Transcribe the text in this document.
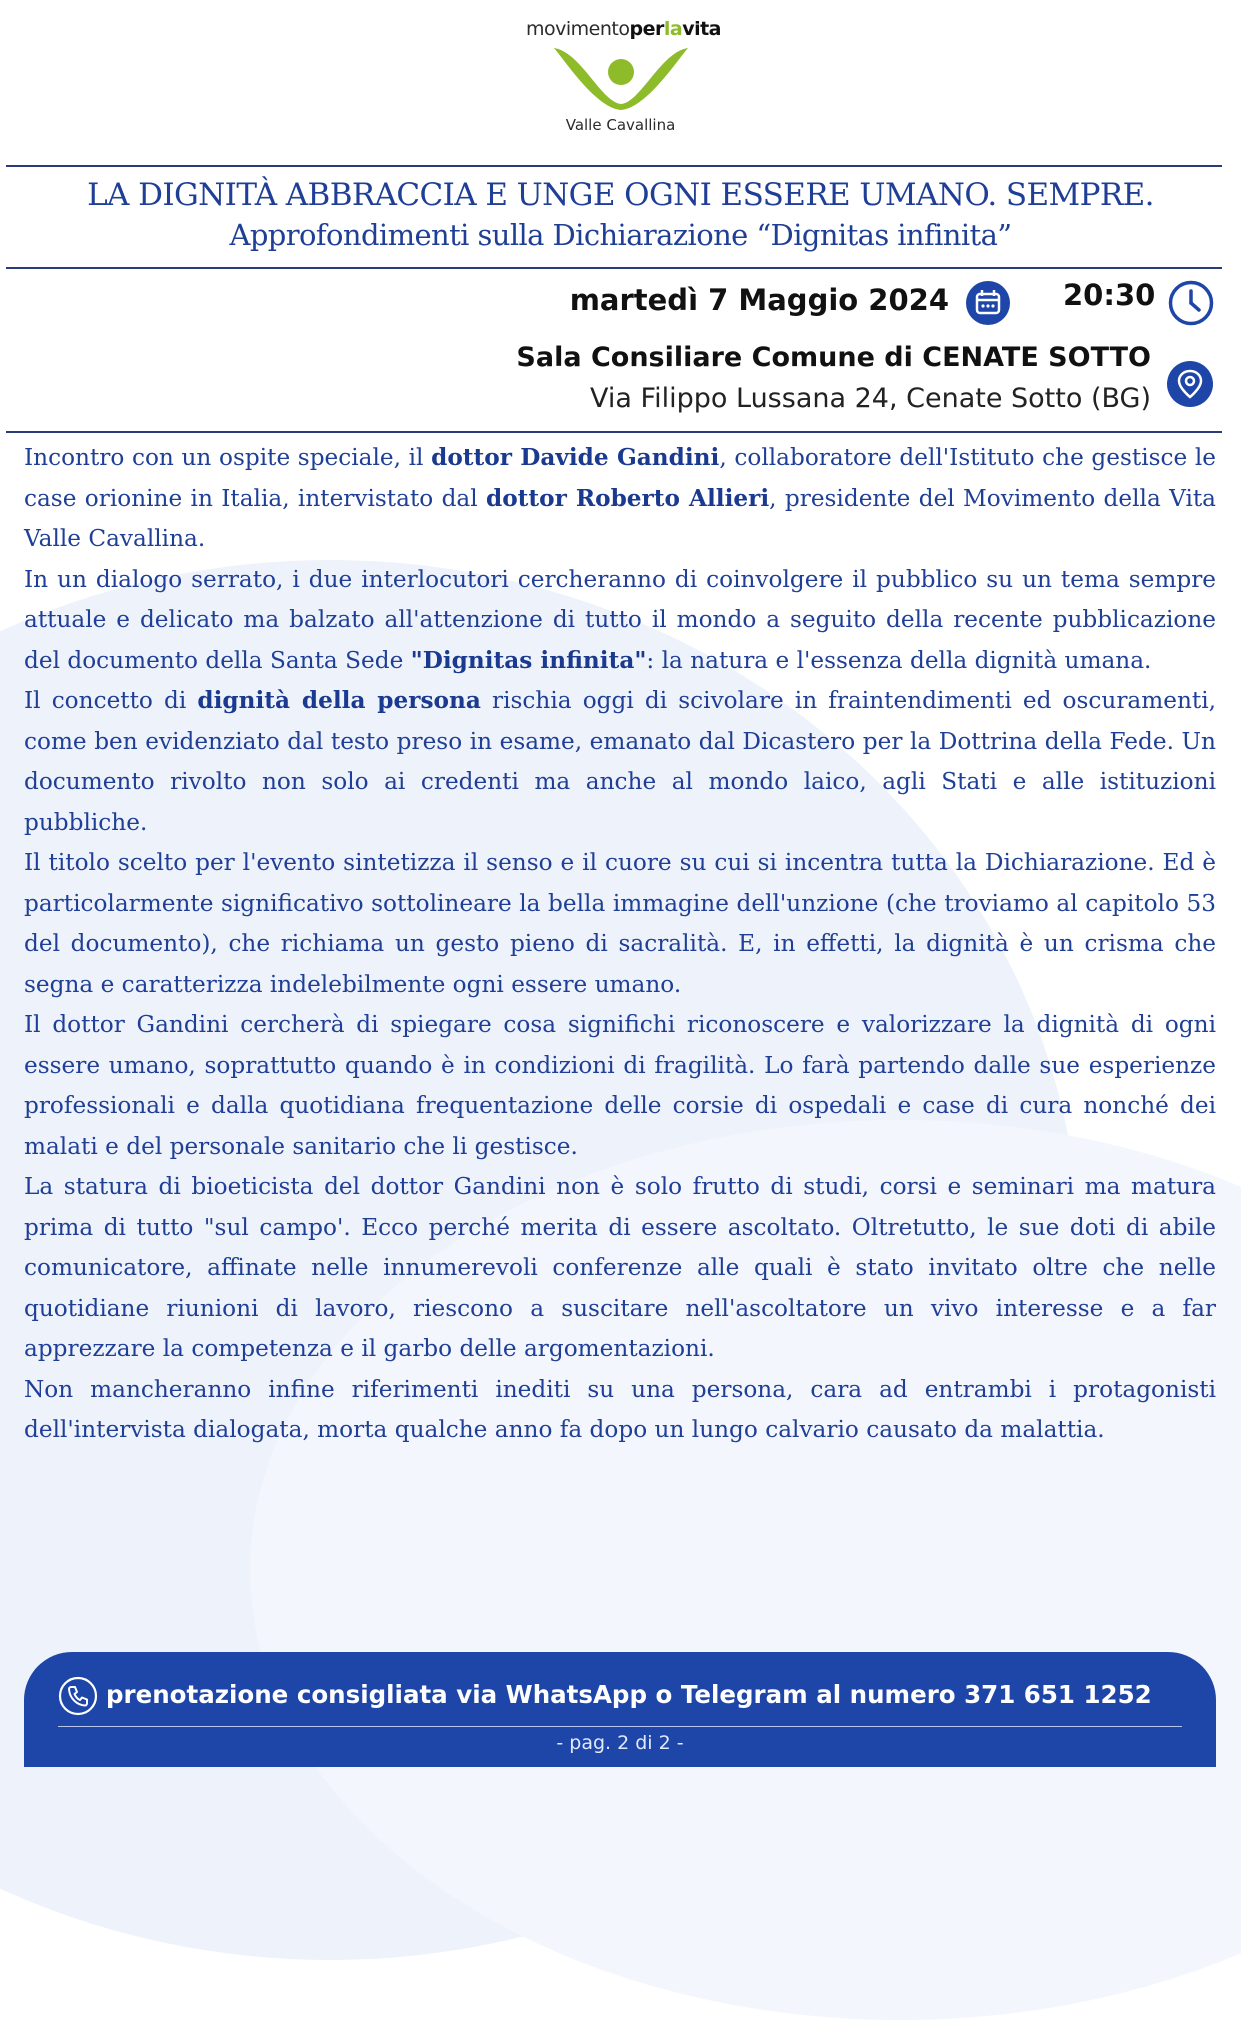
movimentoperlavita
Valle Cavallina
LA DIGNITÀ ABBRACCIA E UNGE OGNI ESSERE UMANO. SEMPRE.
Approfondimenti sulla Dichiarazione “Dignitas infinita”
martedì 7 Maggio 2024	20:30
Sala Consiliare Comune di CENATE SOTTO
Via Filippo Lussana 24, Cenate Sotto (BG)

Incontro con un ospite speciale, il dottor Davide Gandini, collaboratore dell'Istituto che gestisce le case orionine in Italia, intervistato dal dottor Roberto Allieri, presidente del Movimento della Vita Valle Cavallina.

In un dialogo serrato, i due interlocutori cercheranno di coinvolgere il pubblico su un tema sempre attuale e delicato ma balzato all'attenzione di tutto il mondo a seguito della recente pubblicazione del documento della Santa Sede "Dignitas infinita": la natura e l'essenza della dignità umana.

Il concetto di dignità della persona rischia oggi di scivolare in fraintendimenti ed oscuramenti, come ben evidenziato dal testo preso in esame, emanato dal Dicastero per la Dottrina della Fede. Un documento rivolto non solo ai credenti ma anche al mondo laico, agli Stati e alle istituzioni pubbliche.

Il titolo scelto per l'evento sintetizza il senso e il cuore su cui si incentra tutta la Dichiarazione. Ed è particolarmente significativo sottolineare la bella immagine dell'unzione (che troviamo al capitolo 53 del documento), che richiama un gesto pieno di sacralità. E, in effetti, la dignità è un crisma che segna e caratterizza indelebilmente ogni essere umano.

Il dottor Gandini cercherà di spiegare cosa significhi riconoscere e valorizzare la dignità di ogni essere umano, soprattutto quando è in condizioni di fragilità. Lo farà partendo dalle sue esperienze professionali e dalla quotidiana frequentazione delle corsie di ospedali e case di cura nonché dei malati e del personale sanitario che li gestisce.

La statura di bioeticista del dottor Gandini non è solo frutto di studi, corsi e seminari ma matura prima di tutto "sul campo'. Ecco perché merita di essere ascoltato. Oltretutto, le sue doti di abile comunicatore, affinate nelle innumerevoli conferenze alle quali è stato invitato oltre che nelle quotidiane riunioni di lavoro, riescono a suscitare nell'ascoltatore un vivo interesse e a far apprezzare la competenza e il garbo delle argomentazioni.

Non mancheranno infine riferimenti inediti su una persona, cara ad entrambi i protagonisti dell'intervista dialogata, morta qualche anno fa dopo un lungo calvario causato da malattia.

prenotazione consigliata via WhatsApp o Telegram al numero 371 651 1252
- pag. 2 di 2 -
